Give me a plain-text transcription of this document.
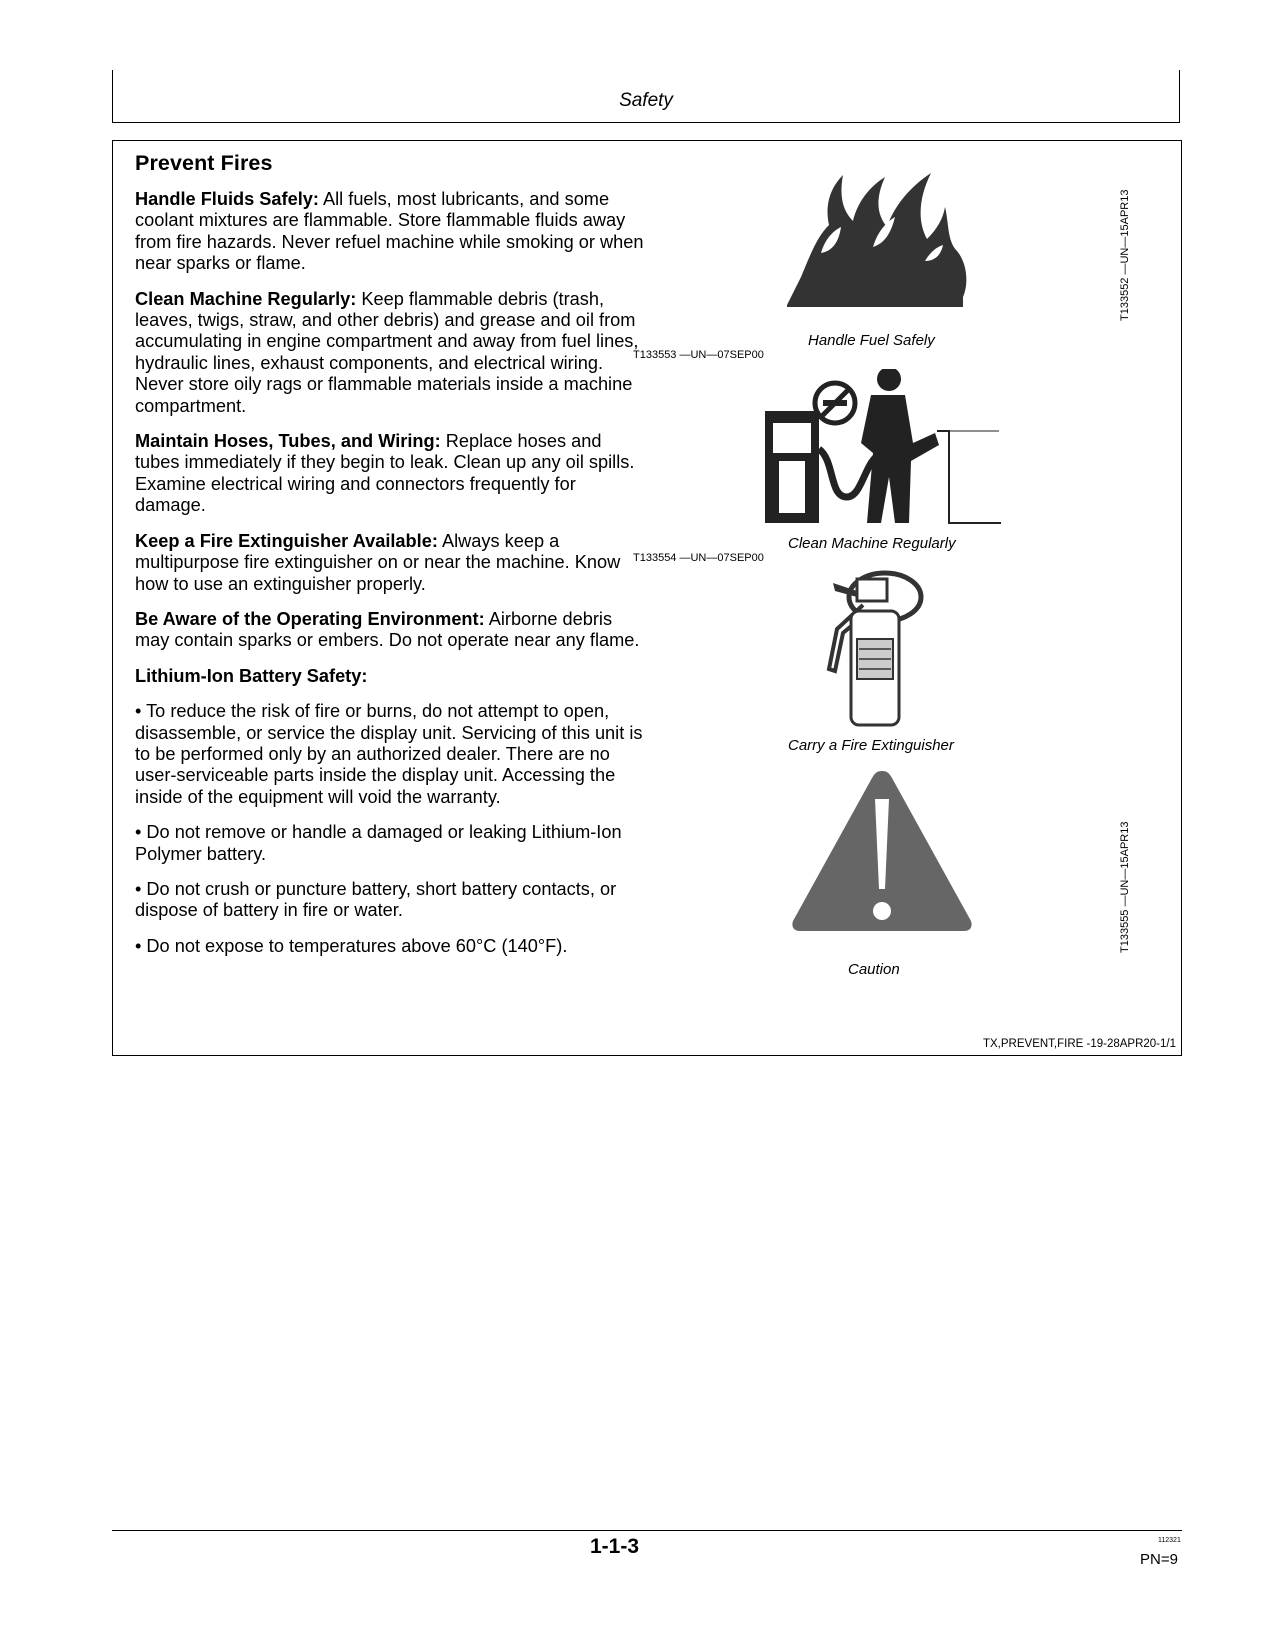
Safety
Prevent Fires

Handle Fluids Safely: All fuels, most lubricants, and some coolant mixtures are flammable. Store flammable fluids away from fire hazards. Never refuel machine while smoking or when near sparks or flame.

Clean Machine Regularly: Keep flammable debris (trash, leaves, twigs, straw, and other debris) and grease and oil from accumulating in engine compartment and away from fuel lines, hydraulic lines, exhaust components, and electrical wiring. Never store oily rags or flammable materials inside a machine compartment.

Maintain Hoses, Tubes, and Wiring: Replace hoses and tubes immediately if they begin to leak. Clean up any oil spills. Examine electrical wiring and connectors frequently for damage.

Keep a Fire Extinguisher Available: Always keep a multipurpose fire extinguisher on or near the machine. Know how to use an extinguisher properly.

Be Aware of the Operating Environment: Airborne debris may contain sparks or embers. Do not operate near any flame.

Lithium-Ion Battery Safety:

• To reduce the risk of fire or burns, do not attempt to open, disassemble, or service the display unit. Servicing of this unit is to be performed only by an authorized dealer. There are no user-serviceable parts inside the display unit. Accessing the inside of the equipment will void the warranty.

• Do not remove or handle a damaged or leaking Lithium-Ion Polymer battery.

• Do not crush or puncture battery, short battery contacts, or dispose of battery in fire or water.

• Do not expose to temperatures above 60°C (140°F).

Handle Fuel Safely
T133552 —UN—15APR13
T133553 —UN—07SEP00
Clean Machine Regularly
T133554 —UN—07SEP00
Carry a Fire Extinguisher
Caution
T133555 —UN—15APR13
TX,PREVENT,FIRE -19-28APR20-1/1
1-1-3	112321
PN=9
